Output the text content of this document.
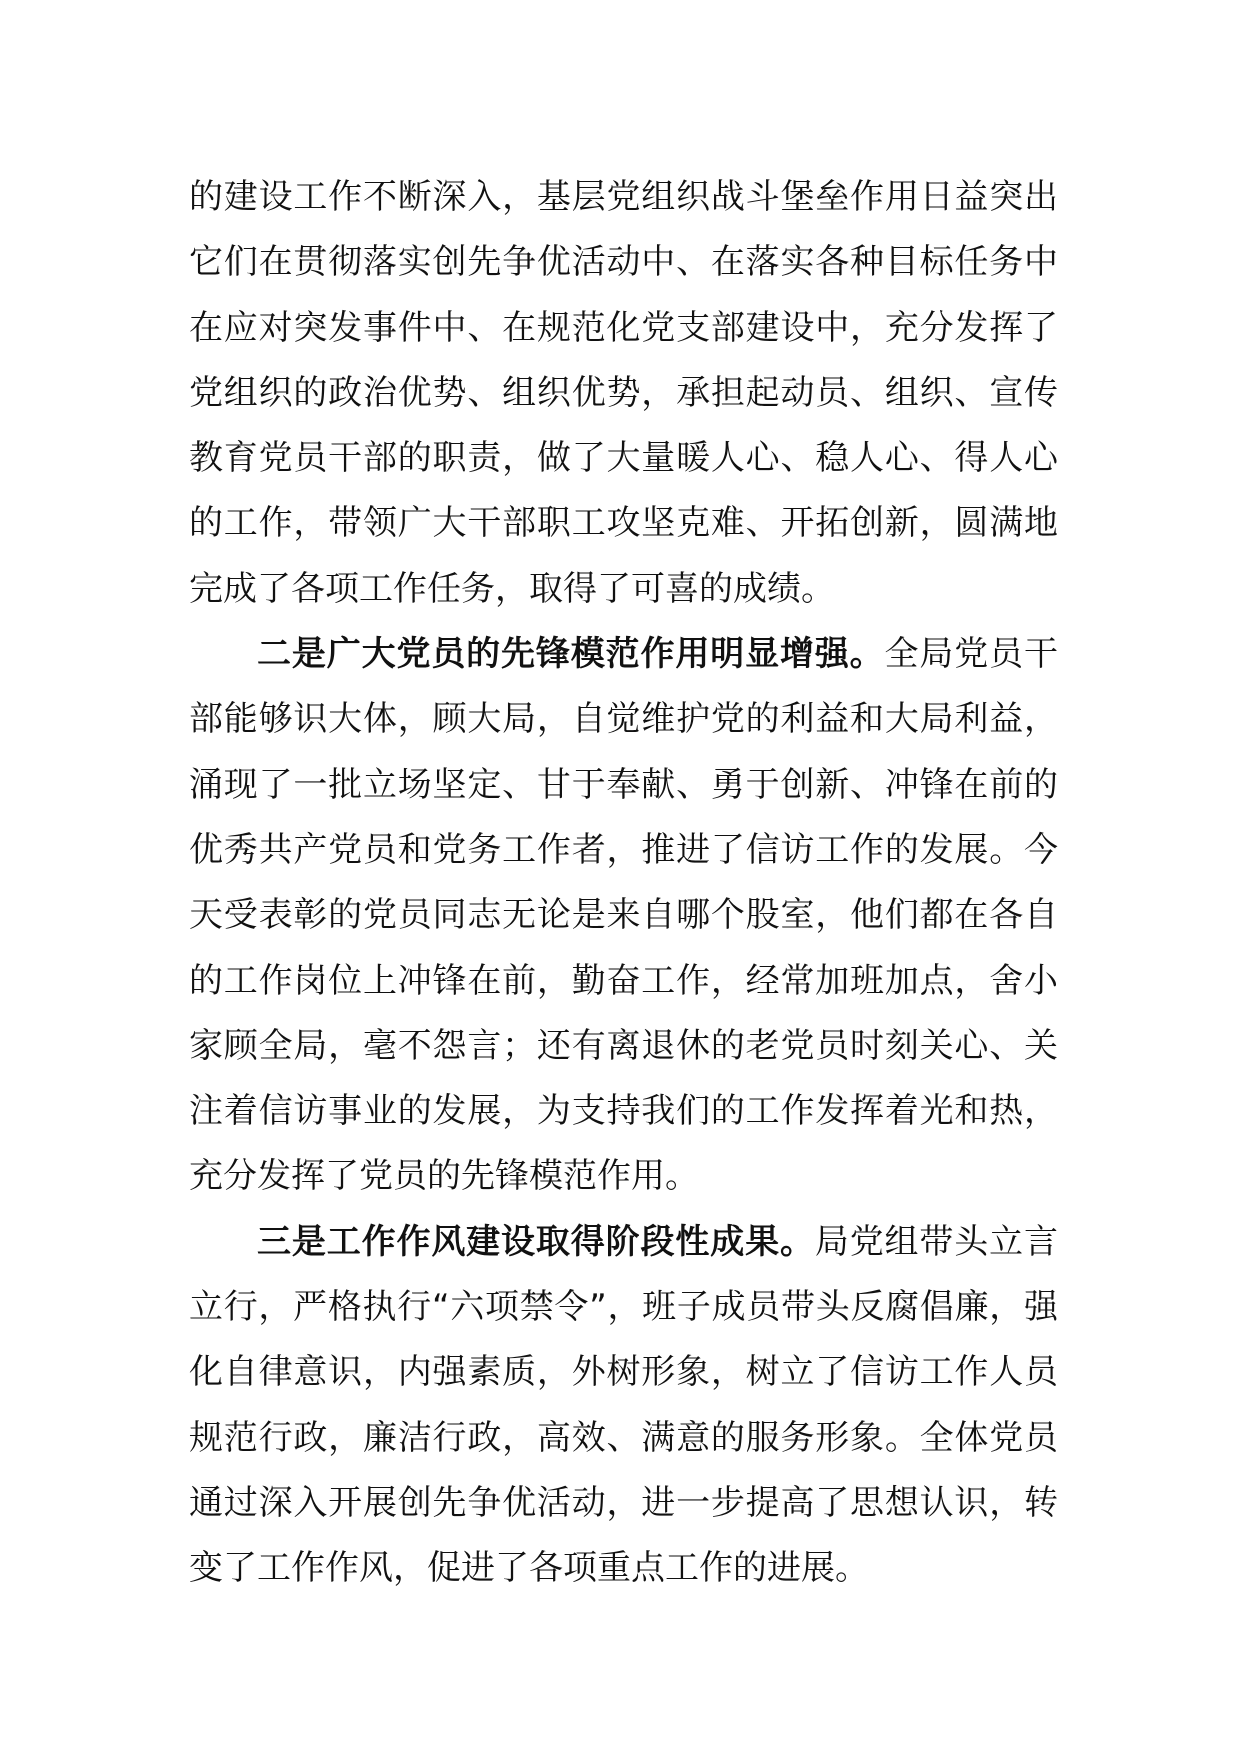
的建设工作不断深入，基层党组织战斗堡垒作用日益突出它们在贯彻落实创先争优活动中、在落实各种目标任务中在应对突发事件中、在规范化党支部建设中，充分发挥了党组织的政治优势、组织优势，承担起动员、组织、宣传教育党员干部的职责，做了大量暖人心、稳人心、得人心的工作，带领广大干部职工攻坚克难、开拓创新，圆满地完成了各项工作任务，取得了可喜的成绩。

二是广大党员的先锋模范作用明显增强。全局党员干部能够识大体，顾大局，自觉维护党的利益和大局利益，涌现了一批立场坚定、甘于奉献、勇于创新、冲锋在前的优秀共产党员和党务工作者，推进了信访工作的发展。今天受表彰的党员同志无论是来自哪个股室，他们都在各自的工作岗位上冲锋在前，勤奋工作，经常加班加点，舍小家顾全局，毫不怨言；还有离退休的老党员时刻关心、关注着信访事业的发展，为支持我们的工作发挥着光和热，充分发挥了党员的先锋模范作用。

三是工作作风建设取得阶段性成果。局党组带头立言立行，严格执行“六项禁令”，班子成员带头反腐倡廉，强化自律意识，内强素质，外树形象，树立了信访工作人员规范行政，廉洁行政，高效、满意的服务形象。全体党员通过深入开展创先争优活动，进一步提高了思想认识，转变了工作作风，促进了各项重点工作的进展。
